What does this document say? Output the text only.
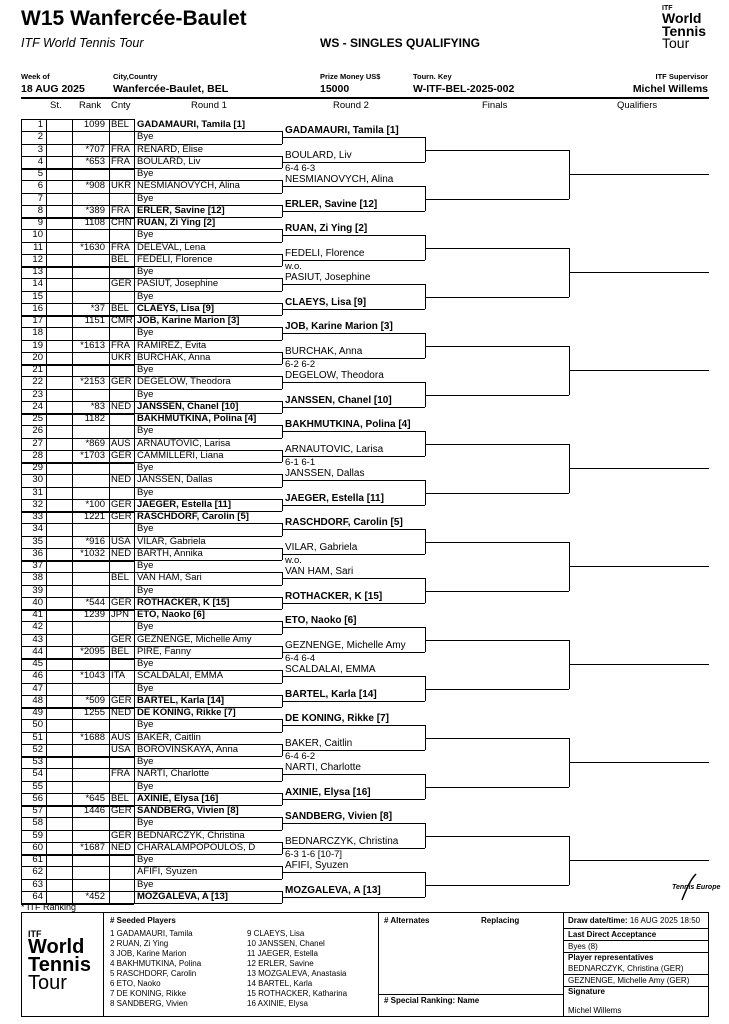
W15 Wanfercée-Baulet
ITF World Tennis Tour	WS - SINGLES QUALIFYING
ITF
World
Tennis
Tour
Week of
18 AUG 2025
City,Country
Wanfercée-Baulet, BEL
Prize Money US$
15000
Tourn. Key
W-ITF-BEL-2025-002
ITF Supervisor
Michel Willems
St. Rank Cnty	Round 1	Round 2	Finals	Qualifiers
1	1099 BEL GADAMAURI, Tamila [1]
2	Bye
3	*707 FRA RENARD, Elise
4	*653 FRA BOULARD, Liv
5	Bye
6	*908 UKR NESMIANOVYCH, Alina
7	Bye
8	*389 FRA ERLER, Savine [12]
9	1108 CHN RUAN, Zi Ying [2]
10	Bye
11	*1630 FRA DELEVAL, Lena
12	BEL FEDELI, Florence
13	Bye
14	GER PASIUT, Josephine
15	Bye
16	*37 BEL CLAEYS, Lisa [9]
17	1151 CMR JOB, Karine Marion [3]
18	Bye
19	*1613 FRA RAMIREZ, Evita
20	UKR BURCHAK, Anna
21	Bye
22	*2153 GER DEGELOW, Theodora
23	Bye
24	*83 NED JANSSEN, Chanel [10]
25	1182	BAKHMUTKINA, Polina [4]
26	Bye
27	*869 AUS ARNAUTOVIC, Larisa
28	*1703 GER CAMMILLERI, Liana
29	Bye
30	NED JANSSEN, Dallas
31	Bye
32	*100 GER JAEGER, Estella [11]
33	1221 GER RASCHDORF, Carolin [5]
34	Bye
35	*916 USA VILAR, Gabriela
36	*1032 NED BARTH, Annika
37	Bye
38	BEL VAN HAM, Sari
39	Bye
40	*544 GER ROTHACKER, K [15]
41	1239 JPN ETO, Naoko [6]
42	Bye
43	GER GEZNENGE, Michelle Amy
44	*2095 BEL PIRE, Fanny
45	Bye
46	*1043 ITA SCALDALAI, EMMA
47	Bye
48	*509 GER BARTEL, Karla [14]
49	1255 NED DE KONING, Rikke [7]
50	Bye
51	*1688 AUS BAKER, Caitlin
52	USA BOROVINSKAYA, Anna
53	Bye
54	FRA NARTI, Charlotte
55	Bye
56	*645 BEL AXINIE, Elysa [16]
57	1446 GER SANDBERG, Vivien [8]
58	Bye
59	GER BEDNARCZYK, Christina
60	*1687 NED CHARALAMPOPOULOS, D
61	Bye
62	AFIFI, Syuzen
63	Bye
64	*452	MOZGALEVA, A [13]
GADAMAURI, Tamila [1]
BOULARD, Liv
6-4 6-3
NESMIANOVYCH, Alina
ERLER, Savine [12]
RUAN, Zi Ying [2]
FEDELI, Florence
w.o.
PASIUT, Josephine
CLAEYS, Lisa [9]
JOB, Karine Marion [3]
BURCHAK, Anna
6-2 6-2
DEGELOW, Theodora
JANSSEN, Chanel [10]
BAKHMUTKINA, Polina [4]
ARNAUTOVIC, Larisa
6-1 6-1
JANSSEN, Dallas
JAEGER, Estella [11]
RASCHDORF, Carolin [5]
VILAR, Gabriela
w.o.
VAN HAM, Sari
ROTHACKER, K [15]
ETO, Naoko [6]
GEZNENGE, Michelle Amy
6-4 6-4
SCALDALAI, EMMA
BARTEL, Karla [14]
DE KONING, Rikke [7]
BAKER, Caitlin
6-4 6-2
NARTI, Charlotte
AXINIE, Elysa [16]
SANDBERG, Vivien [8]
BEDNARCZYK, Christina
6-3 1-6 [10-7]
AFIFI, Syuzen
MOZGALEVA, A [13]
* ITF Ranking
Tennis Europe
ITF
World
Tennis
Tour
# Seeded Players
1 GADAMAURI, Tamila
2 RUAN, Zi Ying
3 JOB, Karine Marion
4 BAKHMUTKINA, Polina
5 RASCHDORF, Carolin
6 ETO, Naoko
7 DE KONING, Rikke
8 SANDBERG, Vivien
9 CLAEYS, Lisa
10 JANSSEN, Chanel
11 JAEGER, Estella
12 ERLER, Savine
13 MOZGALEVA, Anastasia
14 BARTEL, Karla
15 ROTHACKER, Katharina
16 AXINIE, Elysa
# Alternates	Replacing
# Special Ranking: Name
Draw date/time: 16 AUG 2025 18:50
Last Direct Acceptance
Byes (8)
Player representatives
BEDNARCZYK, Christina (GER)
GEZNENGE, Michelle Amy (GER)
Signature
Michel Willems
